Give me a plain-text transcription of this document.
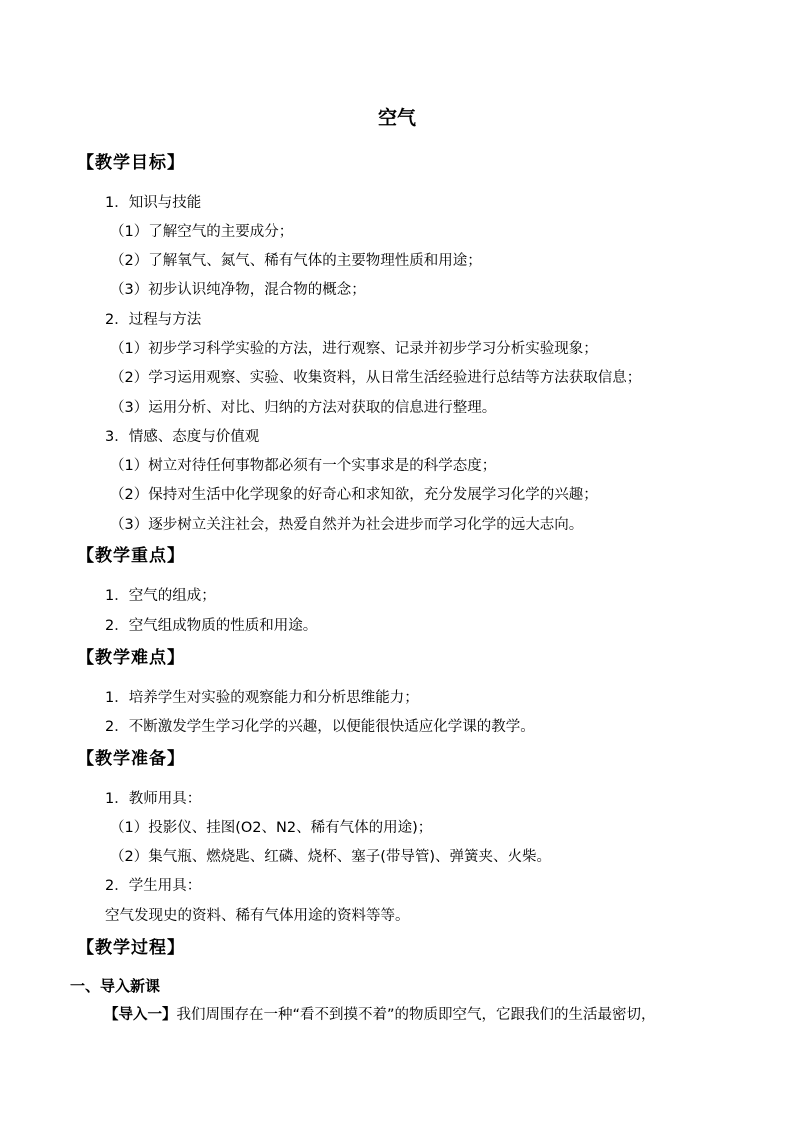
空气
【教学目标】
1．知识与技能
（1）了解空气的主要成分；
（2）了解氧气、氮气、稀有气体的主要物理性质和用途；
（3）初步认识纯净物，混合物的概念；
2．过程与方法
（1）初步学习科学实验的方法，进行观察、记录并初步学习分析实验现象；
（2）学习运用观察、实验、收集资料，从日常生活经验进行总结等方法获取信息；
（3）运用分析、对比、归纳的方法对获取的信息进行整理。
3．情感、态度与价值观
（1）树立对待任何事物都必须有一个实事求是的科学态度；
（2）保持对生活中化学现象的好奇心和求知欲，充分发展学习化学的兴趣；
（3）逐步树立关注社会，热爱自然并为社会进步而学习化学的远大志向。
【教学重点】
1．空气的组成；
2．空气组成物质的性质和用途。
【教学难点】
1．培养学生对实验的观察能力和分析思维能力；
2．不断激发学生学习化学的兴趣，以便能很快适应化学课的教学。
【教学准备】
1．教师用具：
（1）投影仪、挂图(O2、N2、稀有气体的用途)；
（2）集气瓶、燃烧匙、红磷、烧杯、塞子(带导管)、弹簧夹、火柴。
2．学生用具：
空气发现史的资料、稀有气体用途的资料等等。
【教学过程】
一、导入新课
【导入一】我们周围存在一种“看不到摸不着”的物质即空气，它跟我们的生活最密切，
